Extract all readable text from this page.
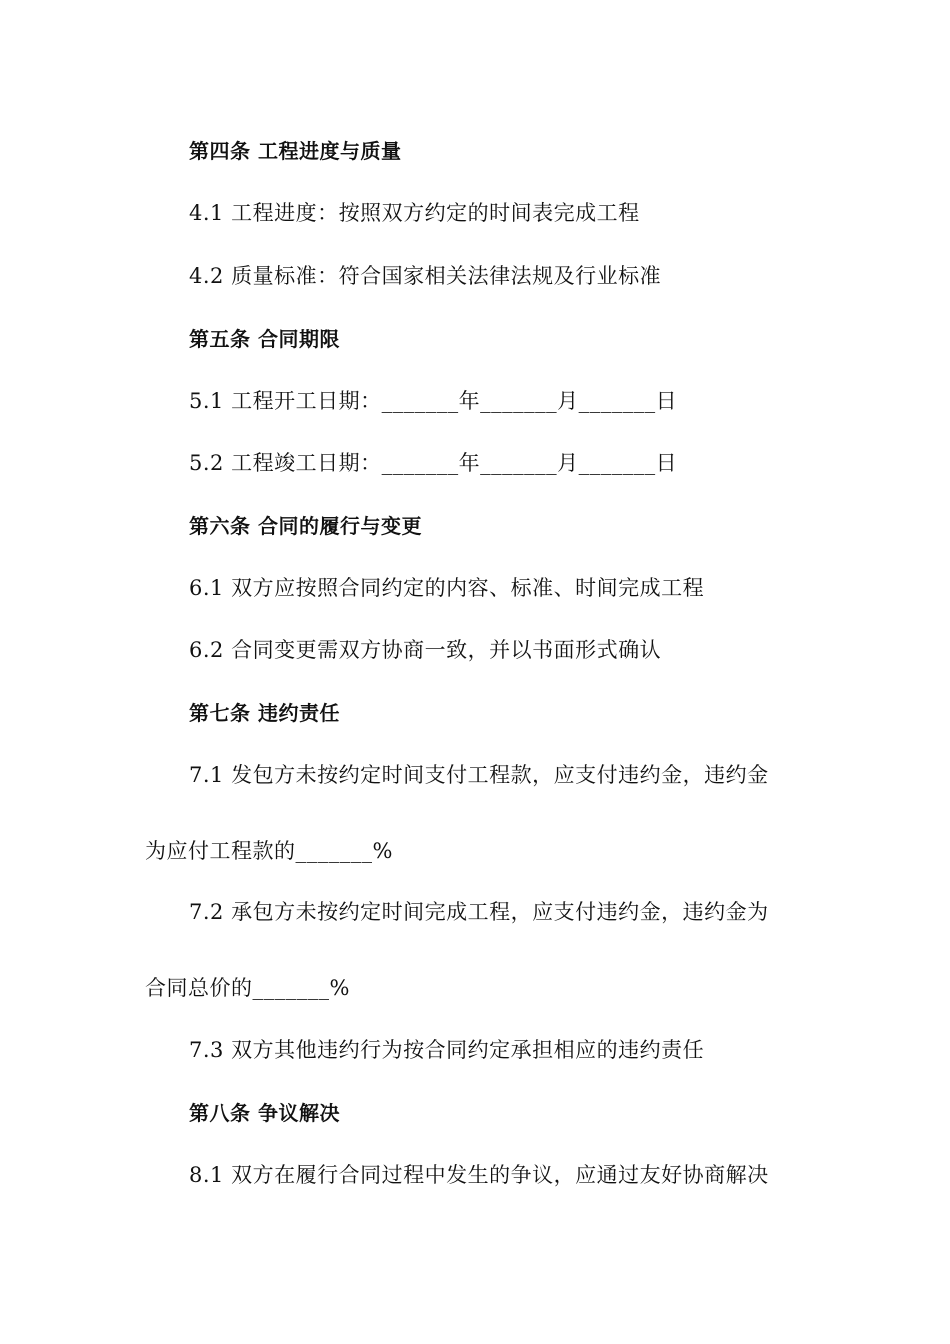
第四条 工程进度与质量
4.1 工程进度：按照双方约定的时间表完成工程
4.2 质量标准：符合国家相关法律法规及行业标准
第五条 合同期限
5.1 工程开工日期：_______年_______月_______日
5.2 工程竣工日期：_______年_______月_______日
第六条 合同的履行与变更
6.1 双方应按照合同约定的内容、标准、时间完成工程
6.2 合同变更需双方协商一致，并以书面形式确认
第七条 违约责任
7.1 发包方未按约定时间支付工程款，应支付违约金，违约金
为应付工程款的_______%
7.2 承包方未按约定时间完成工程，应支付违约金，违约金为
合同总价的_______%
7.3 双方其他违约行为按合同约定承担相应的违约责任
第八条 争议解决
8.1 双方在履行合同过程中发生的争议，应通过友好协商解决
